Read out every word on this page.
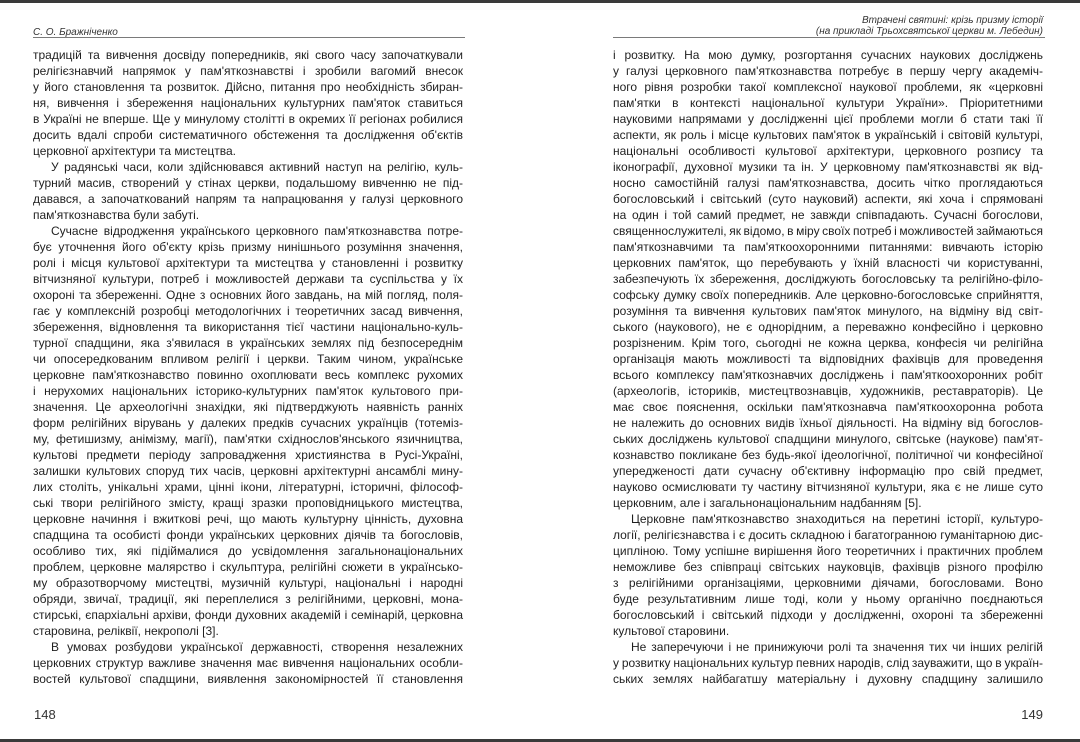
С. О. Бражніченко
традицій та вивчення досвіду попередників, які свого часу започаткували
релігієзнавчий напрямок у пам'яткознавстві і зробили вагомий внесок
у його становлення та розвиток. Дійсно, питання про необхідність збиран-
ня, вивчення і збереження національних культурних пам'яток ставиться
в Україні не вперше. Ще у минулому столітті в окремих її регіонах робилися
досить вдалі спроби систематичного обстеження та дослідження об'єктів
церковної архітектури та мистецтва.
У радянські часи, коли здійснювався активний наступ на релігію, куль-
турний масив, створений у стінах церкви, подальшому вивченню не під-
давався, а започаткований напрям та напрацювання у галузі церковного
пам'яткознавства були забуті.
Сучасне відродження українського церковного пам'яткознавства потре-
бує уточнення його об'єкту крізь призму нинішнього розуміння значення,
ролі і місця культової архітектури та мистецтва у становленні і розвитку
вітчизняної культури, потреб і можливостей держави та суспільства у їх
охороні та збереженні. Одне з основних його завдань, на мій погляд, поля-
гає у комплексній розробці методологічних і теоретичних засад вивчення,
збереження, відновлення та використання тієї частини національно-куль-
турної спадщини, яка з'явилася в українських землях під безпосереднім
чи опосередкованим впливом релігії і церкви. Таким чином, українське
церковне пам'яткознавство повинно охоплювати весь комплекс рухомих
і нерухомих національних історико-культурних пам'яток культового при-
значення. Це археологічні знахідки, які підтверджують наявність ранніх
форм релігійних вірувань у далеких предків сучасних українців (тотеміз-
му, фетишизму, анімізму, магії), пам'ятки східнослов'янського язичництва,
культові предмети періоду запровадження християнства в Русі-Україні,
залишки культових споруд тих часів, церковні архітектурні ансамблі мину-
лих століть, унікальні храми, цінні ікони, літературні, історичні, філософ-
ські твори релігійного змісту, кращі зразки проповідницького мистецтва,
церковне начиння і вжиткові речі, що мають культурну цінність, духовна
спадщина та особисті фонди українських церковних діячів та богословів,
особливо тих, які підіймалися до усвідомлення загальнонаціональних
проблем, церковне малярство і скульптура, релігійні сюжети в українсько-
му образотворчому мистецтві, музичній культурі, національні і народні
обряди, звичаї, традиції, які переплелися з релігійними, церковні, мона-
стирські, єпархіальні архіви, фонди духовних академій і семінарій, церковна
старовина, реліквії, некрополі [3].
В умовах розбудови української державності, створення незалежних
церковних структур важливе значення має вивчення національних особли-
востей культової спадщини, виявлення закономірностей її становлення
148
Втрачені святині: крізь призму історії
(на прикладі Трьохсвятської церкви м. Лебедин)
і розвитку. На мою думку, розгортання сучасних наукових досліджень
у галузі церковного пам'яткознавства потребує в першу чергу академіч-
ного рівня розробки такої комплексної наукової проблеми, як «церковні
пам'ятки в контексті національної культури України». Пріоритетними
науковими напрямами у дослідженні цієї проблеми могли б стати такі її
аспекти, як роль і місце культових пам'яток в українській і світовій культурі,
національні особливості культової архітектури, церковного розпису та
іконографії, духовної музики та ін. У церковному пам'яткознавстві як від-
носно самостійній галузі пам'яткознавства, досить чітко проглядаються
богословський і світський (суто науковий) аспекти, які хоча і спрямовані
на один і той самий предмет, не завжди співпадають. Сучасні богослови,
священнослужителі, як відомо, в міру своїх потреб і можливостей займаються
пам'яткознавчими та пам'яткоохоронними питаннями: вивчають історію
церковних пам'яток, що перебувають у їхній власності чи користуванні,
забезпечують їх збереження, досліджують богословську та релігійно-філо-
софську думку своїх попередників. Але церковно-богословське сприйняття,
розуміння та вивчення культових пам'яток минулого, на відміну від світ-
ського (наукового), не є однорідним, а переважно конфесійно і церковно
розрізненим. Крім того, сьогодні не кожна церква, конфесія чи релігійна
організація мають можливості та відповідних фахівців для проведення
всього комплексу пам'яткознавчих досліджень і пам'яткоохоронних робіт
(археологів, істориків, мистецтвознавців, художників, реставраторів). Це
має своє пояснення, оскільки пам'яткознавча пам'яткоохоронна робота
не належить до основних видів їхньої діяльності. На відміну від богослов-
ських досліджень культової спадщини минулого, світське (наукове) пам'ят-
кознавство покликане без будь-якої ідеологічної, політичної чи конфесійної
упередженості дати сучасну об'єктивну інформацію про свій предмет,
науково осмислювати ту частину вітчизняної культури, яка є не лише суто
церковним, але і загальнонаціональним надбанням [5].
Церковне пам'яткознавство знаходиться на перетині історії, культуро-
логії, релігієзнавства і є досить складною і багатогранною гуманітарною дис-
ципліною. Тому успішне вирішення його теоретичних і практичних проблем
неможливе без співпраці світських науковців, фахівців різного профілю
з релігійними організаціями, церковними діячами, богословами. Воно
буде результативним лише тоді, коли у ньому органічно поєднаються
богословський і світський підходи у дослідженні, охороні та збереженні
культової старовини.
Не заперечуючи і не принижуючи ролі та значення тих чи інших релігій
у розвитку національних культур певних народів, слід зауважити, що в україн-
ських землях найбагатшу матеріальну і духовну спадщину залишило
149
